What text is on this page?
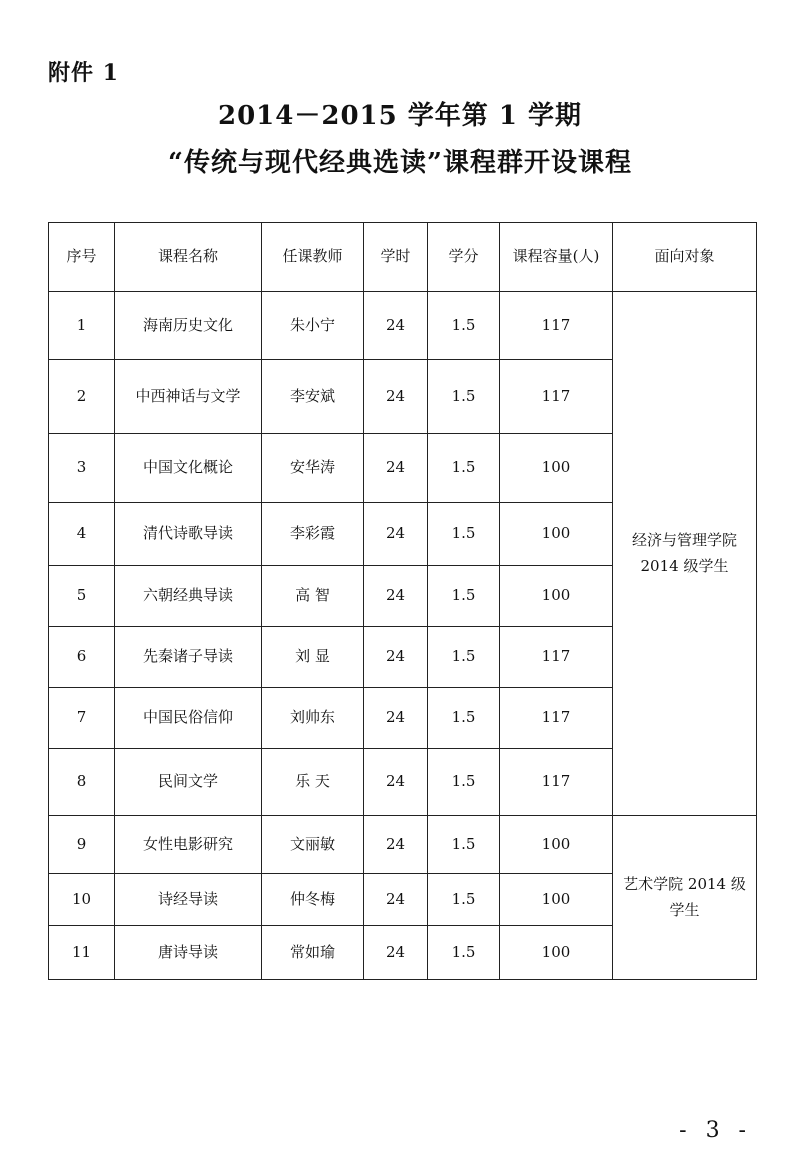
附件 1
2014－2015 学年第 1 学期
“传统与现代经典选读”课程群开设课程
序号	课程名称	任课教师	学时	学分	课程容量(人)	面向对象
1	海南历史文化	朱小宁	24	1.5	117	经济与管理学院
2014 级学生

2	中西神话与文学	李安斌	24	1.5	117	
3	中国文化概论	安华涛	24	1.5	100	
4	清代诗歌导读	李彩霞	24	1.5	100	
5	六朝经典导读	高 智	24	1.5	100	
6	先秦诸子导读	刘 显	24	1.5	117	
7	中国民俗信仰	刘帅东	24	1.5	117	
8	民间文学	乐 天	24	1.5	117	
9	女性电影研究	文丽敏	24	1.5	100	艺术学院 2014 级
学生

10	诗经导读	仲冬梅	24	1.5	100	
11	唐诗导读	常如瑜	24	1.5	100	
- 3 -
